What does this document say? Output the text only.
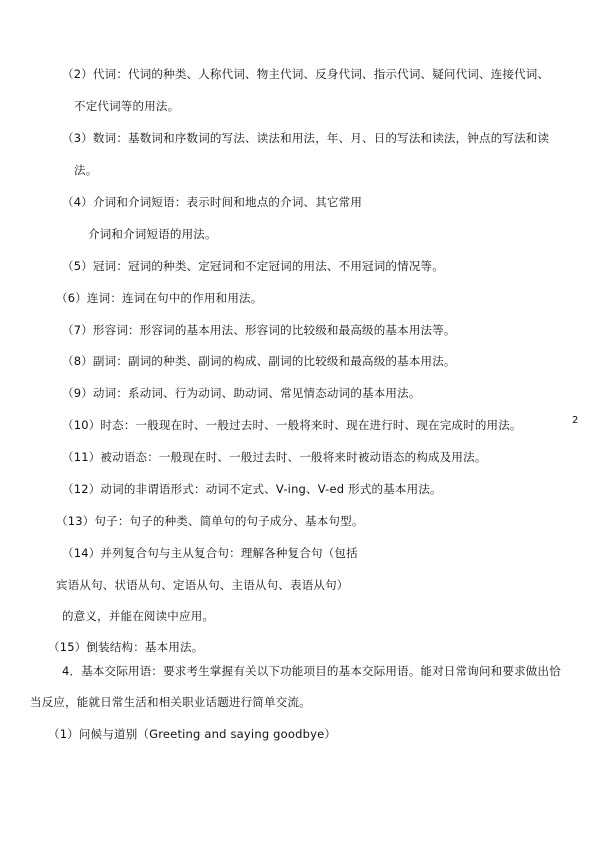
（2）代词：代词的种类、人称代词、物主代词、反身代词、指示代词、疑问代词、连接代词、
不定代词等的用法。
（3）数词：基数词和序数词的写法、读法和用法，年、月、日的写法和读法，钟点的写法和读
法。
（4）介词和介词短语：表示时间和地点的介词、其它常用
介词和介词短语的用法。
（5）冠词：冠词的种类、定冠词和不定冠词的用法、不用冠词的情况等。
（6）连词：连词在句中的作用和用法。
（7）形容词：形容词的基本用法、形容词的比较级和最高级的基本用法等。
（8）副词：副词的种类、副词的构成、副词的比较级和最高级的基本用法。
（9）动词：系动词、行为动词、助动词、常见情态动词的基本用法。
（10）时态：一般现在时、一般过去时、一般将来时、现在进行时、现在完成时的用法。	2
（11）被动语态：一般现在时、一般过去时、一般将来时被动语态的构成及用法。
（12）动词的非谓语形式：动词不定式、V-ing、V-ed 形式的基本用法。
（13）句子：句子的种类、简单句的句子成分、基本句型。
（14）并列复合句与主从复合句：理解各种复合句（包括
宾语从句、状语从句、定语从句、主语从句、表语从句）
的意义，并能在阅读中应用。
（15）倒装结构：基本用法。
4．基本交际用语：要求考生掌握有关以下功能项目的基本交际用语。能对日常询问和要求做出恰
当反应，能就日常生活和相关职业话题进行简单交流。
（1）问候与道别（Greeting and saying goodbye）
